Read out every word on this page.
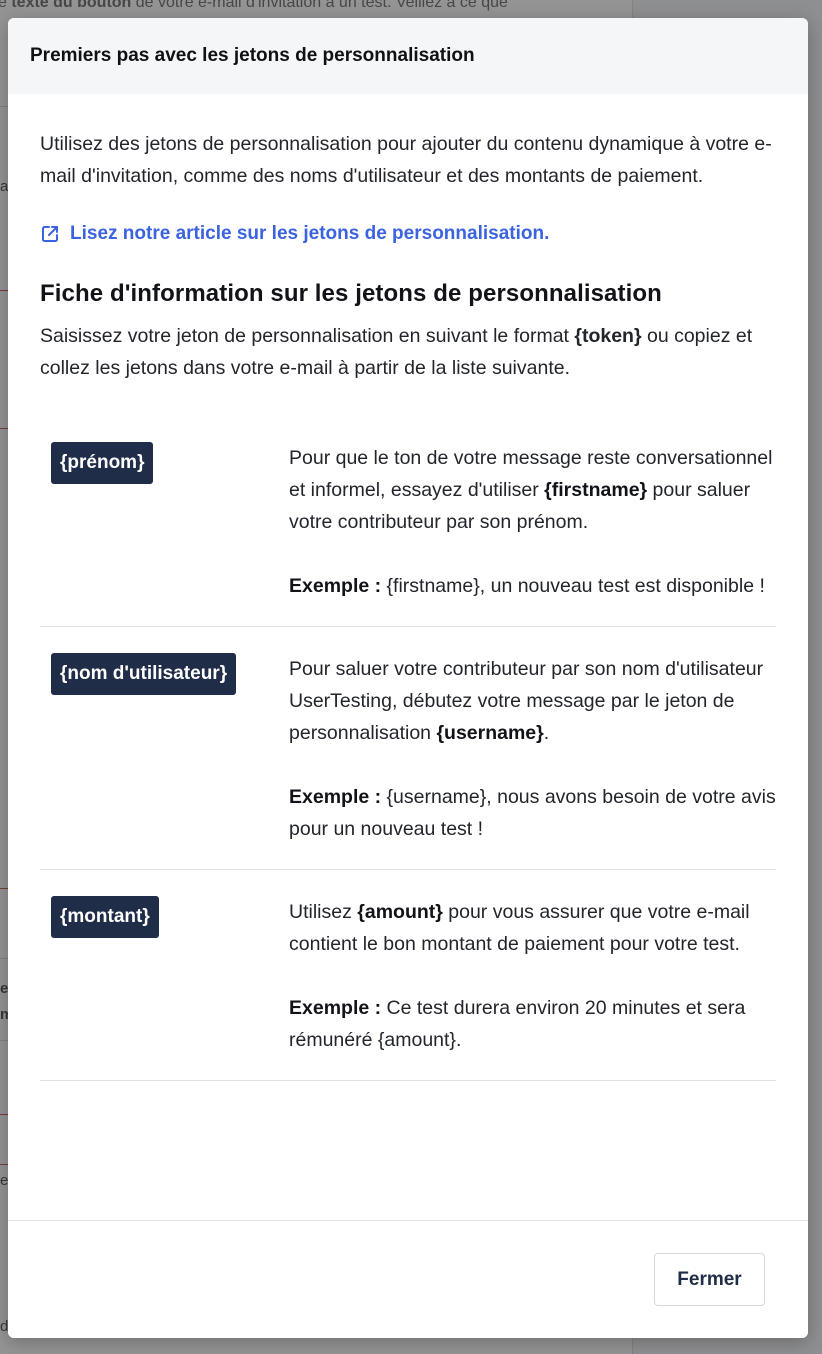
Premiers pas avec les jetons de personnalisation

Utilisez des jetons de personnalisation pour ajouter du contenu dynamique à votre e-mail d'invitation, comme des noms d'utilisateur et des montants de paiement.

Lisez notre article sur les jetons de personnalisation.
Fiche d'information sur les jetons de personnalisation

Saisissez votre jeton de personnalisation en suivant le format {token} ou copiez et collez les jetons dans votre e-mail à partir de la liste suivante.

{prénom}	Pour que le ton de votre message reste conversationnel et informel, essayez d'utiliser {firstname} pour saluer votre contributeur par son prénom.

Exemple : {firstname}, un nouveau test est disponible !

{nom d'utilisateur}	Pour saluer votre contributeur par son nom d'utilisateur UserTesting, débutez votre message par le jeton de personnalisation {username}.

Exemple : {username}, nous avons besoin de votre avis pour un nouveau test !

{montant}	Utilisez {amount} pour vous assurer que votre e-mail contient le bon montant de paiement pour votre test.

Exemple : Ce test durera environ 20 minutes et sera rémunéré {amount}.

Fermer
